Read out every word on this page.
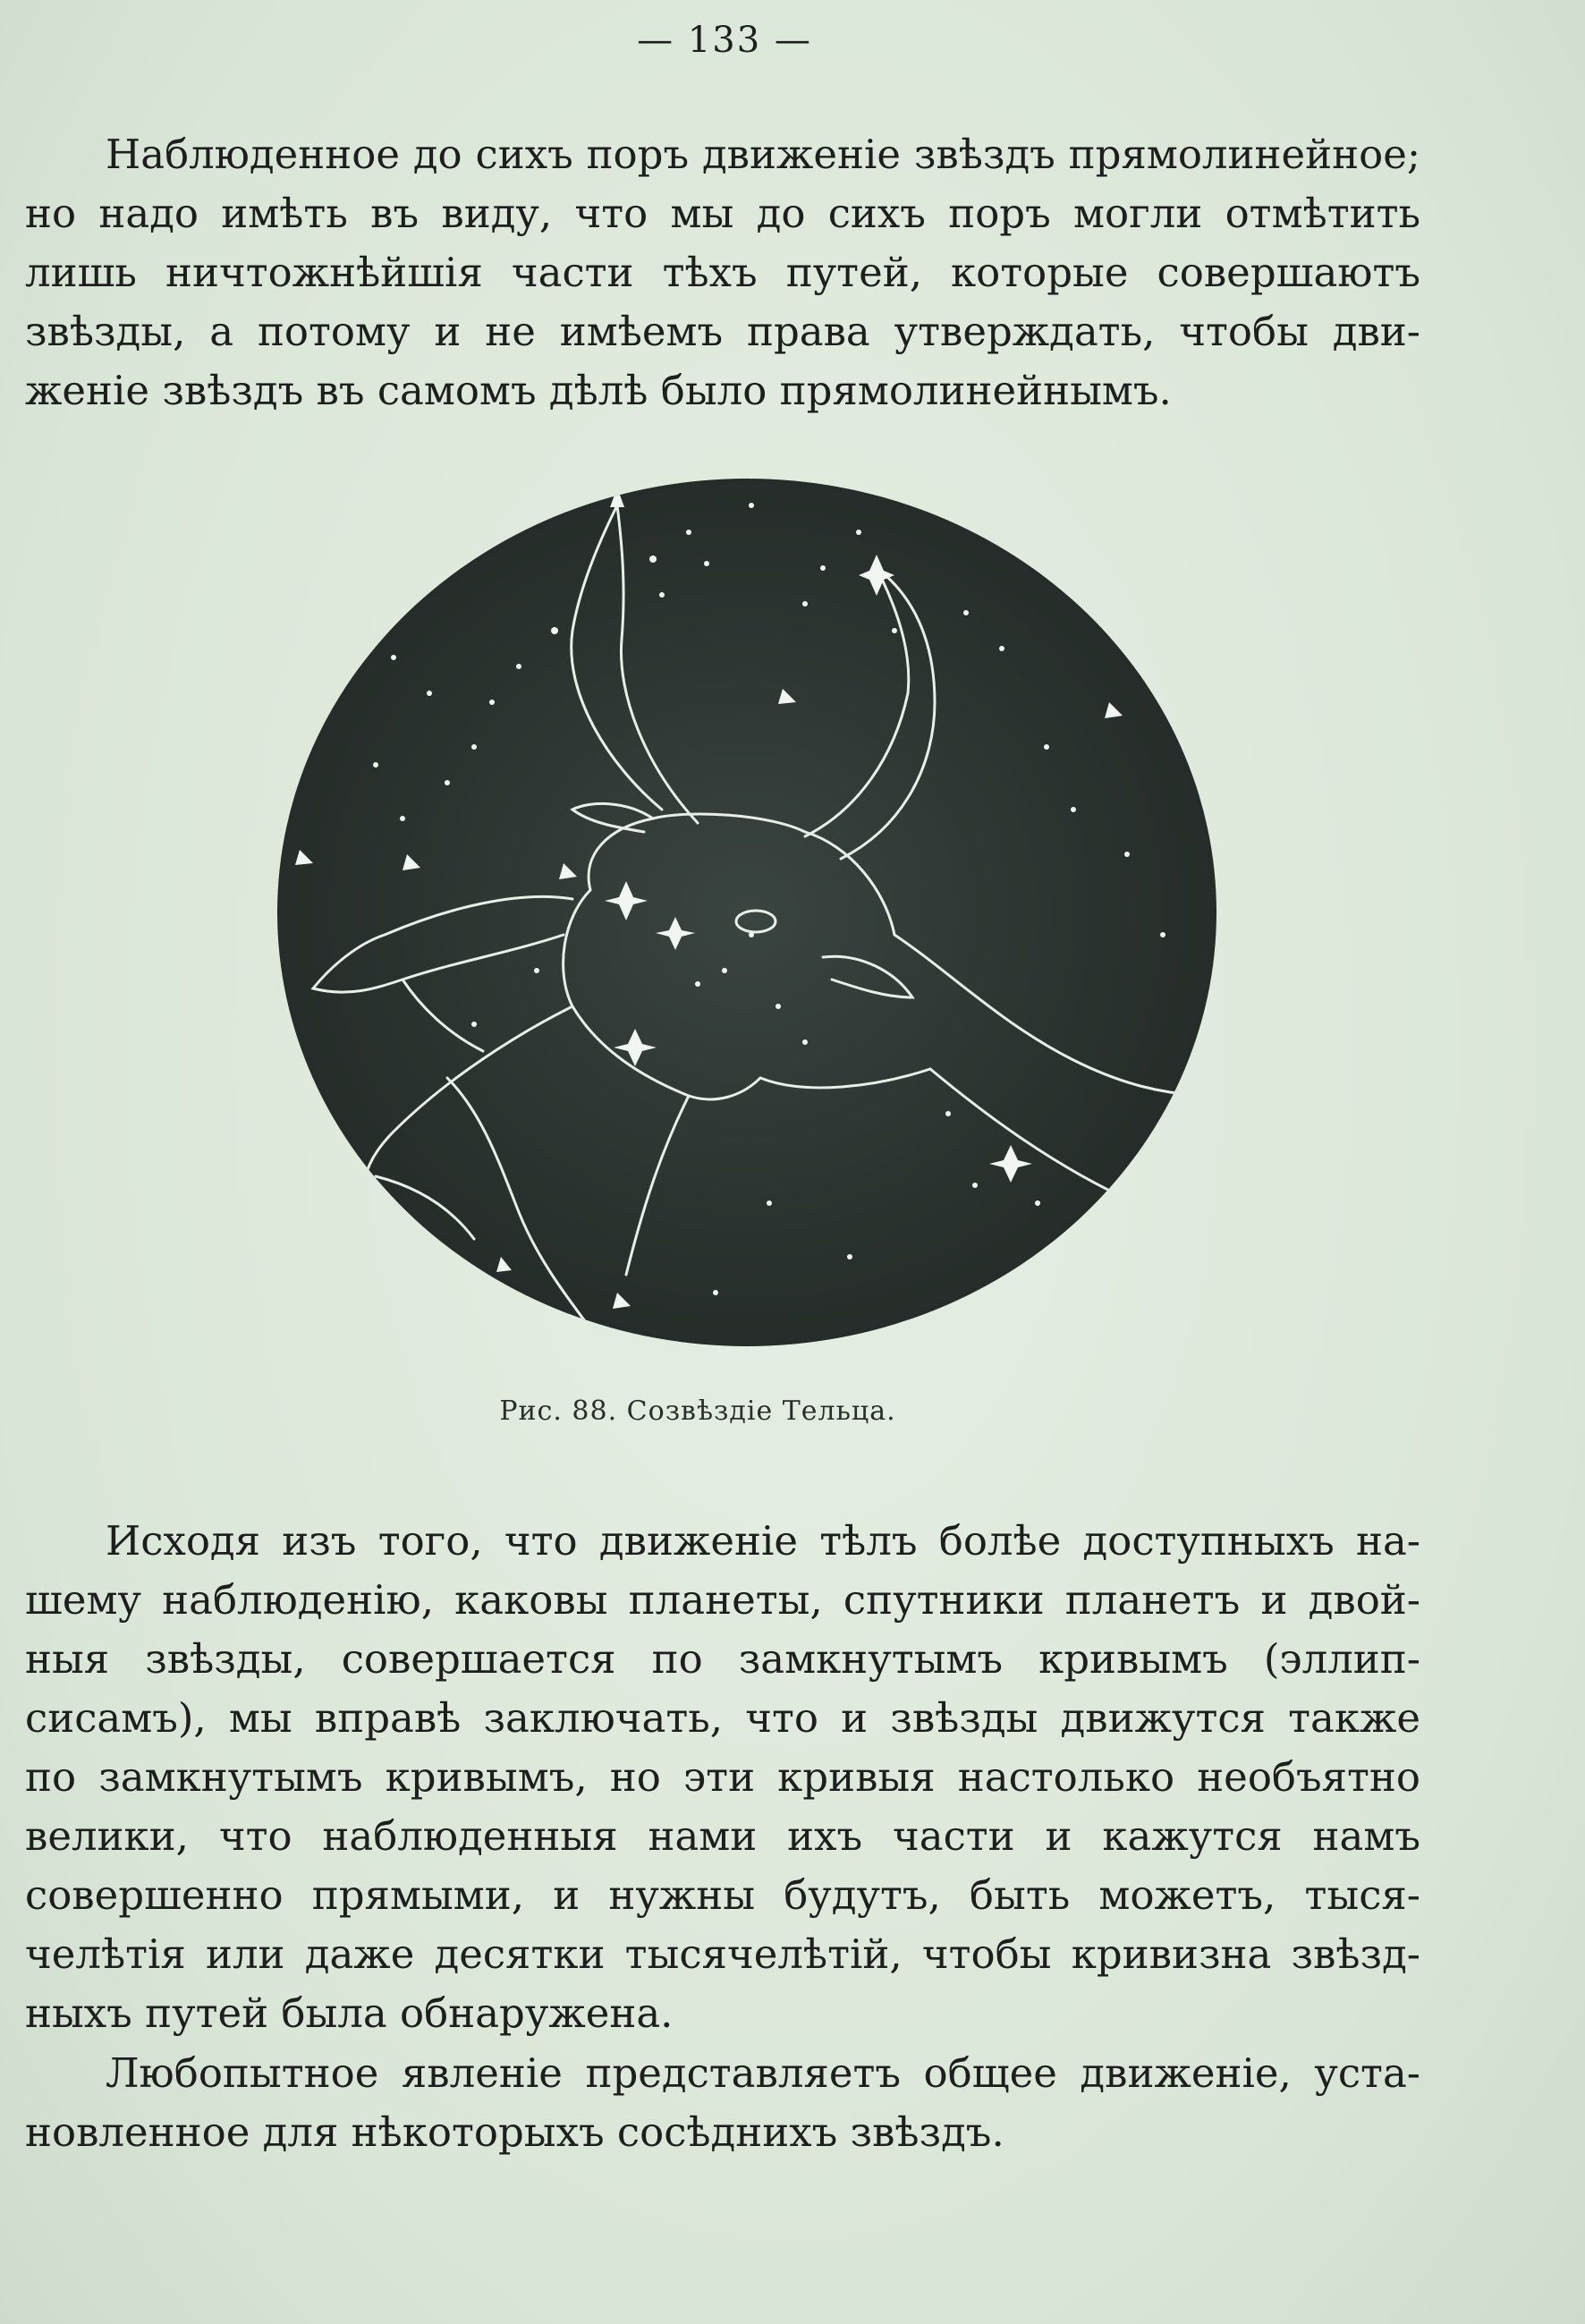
— 133 —

Наблюденное до сихъ поръ движенie звѣздъ прямолинейное;
но надо имѣть въ виду, что мы до сихъ поръ могли отмѣтить
лишь ничтожнѣйшiя части тѣхъ путей, которые совершаютъ
звѣзды, а потому и не имѣемъ права утверждать, чтобы дви-
женie звѣздъ въ самомъ дѣлѣ было прямолинейнымъ.

Рис. 88. Созвѣздiе Тельца.

Исходя изъ того, что движенie тѣлъ болѣе доступныхъ на-
шему наблюденiю, каковы планеты, спутники планетъ и двой-
ныя звѣзды, совершается по замкнутымъ кривымъ (эллип-
сисамъ), мы вправѣ заключать, что и звѣзды движутся также
по замкнутымъ кривымъ, но эти кривыя настолько необъятно
велики, что наблюденныя нами ихъ части и кажутся намъ
совершенно прямыми, и нужны будутъ, быть можетъ, тыся-
челѣтiя или даже десятки тысячелѣтiй, чтобы кривизна звѣзд-
ныхъ путей была обнаружена.

Любопытное явленie представляетъ общее движенie, уста-
новленное для нѣкоторыхъ сосѣднихъ звѣздъ.
